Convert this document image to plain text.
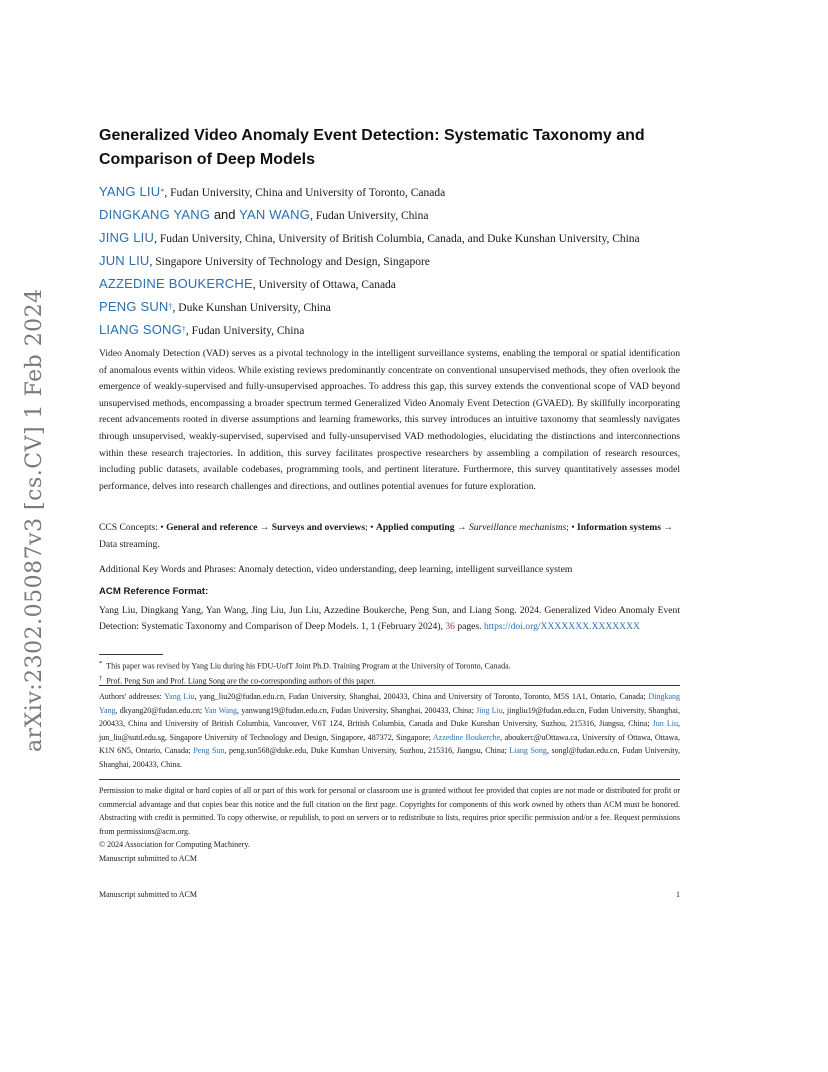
arXiv:2302.05087v3 [cs.CV] 1 Feb 2024
Generalized Video Anomaly Event Detection: Systematic Taxonomy and Comparison of Deep Models
YANG LIU*, Fudan University, China and University of Toronto, Canada
DINGKANG YANG and YAN WANG, Fudan University, China
JING LIU, Fudan University, China, University of British Columbia, Canada, and Duke Kunshan University, China
JUN LIU, Singapore University of Technology and Design, Singapore
AZZEDINE BOUKERCHE, University of Ottawa, Canada
PENG SUN†, Duke Kunshan University, China
LIANG SONG†, Fudan University, China
Video Anomaly Detection (VAD) serves as a pivotal technology in the intelligent surveillance systems, enabling the temporal or spatial identification of anomalous events within videos. While existing reviews predominantly concentrate on conventional unsupervised methods, they often overlook the emergence of weakly-supervised and fully-unsupervised approaches. To address this gap, this survey extends the conventional scope of VAD beyond unsupervised methods, encompassing a broader spectrum termed Generalized Video Anomaly Event Detection (GVAED). By skillfully incorporating recent advancements rooted in diverse assumptions and learning frameworks, this survey introduces an intuitive taxonomy that seamlessly navigates through unsupervised, weakly-supervised, supervised and fully-unsupervised VAD methodologies, elucidating the distinctions and interconnections within these research trajectories. In addition, this survey facilitates prospective researchers by assembling a compilation of research resources, including public datasets, available codebases, programming tools, and pertinent literature. Furthermore, this survey quantitatively assesses model performance, delves into research challenges and directions, and outlines potential avenues for future exploration.
CCS Concepts: • General and reference → Surveys and overviews; • Applied computing → Surveillance mechanisms; • Information systems → Data streaming.
Additional Key Words and Phrases: Anomaly detection, video understanding, deep learning, intelligent surveillance system
ACM Reference Format:
Yang Liu, Dingkang Yang, Yan Wang, Jing Liu, Jun Liu, Azzedine Boukerche, Peng Sun, and Liang Song. 2024. Generalized Video Anomaly Event Detection: Systematic Taxonomy and Comparison of Deep Models. 1, 1 (February 2024), 36 pages. https://doi.org/XXXXXXX.XXXXXXX
* This paper was revised by Yang Liu during his FDU-UofT Joint Ph.D. Training Program at the University of Toronto, Canada.
† Prof. Peng Sun and Prof. Liang Song are the co-corresponding authors of this paper.
Authors' addresses: Yang Liu, yang_liu20@fudan.edu.cn, Fudan University, Shanghai, 200433, China and University of Toronto, Toronto, M5S 1A1, Ontario, Canada; Dingkang Yang, dkyang20@fudan.edu.cn; Yan Wang, yanwang19@fudan.edu.cn, Fudan University, Shanghai, 200433, China; Jing Liu, jingliu19@fudan.edu.cn, Fudan University, Shanghai, 200433, China and University of British Columbia, Vancouver, V6T 1Z4, British Columbia, Canada and Duke Kunshan University, Suzhou, 215316, Jiangsu, China; Jun Liu, jun_liu@sutd.edu.sg, Singapore University of Technology and Design, Singapore, 487372, Singapore; Azzedine Boukerche, aboukerc@uOttawa.ca, University of Ottawa, Ottawa, K1N 6N5, Ontario, Canada; Peng Sun, peng.sun568@duke.edu, Duke Kunshan University, Suzhou, 215316, Jiangsu, China; Liang Song, songl@fudan.edu.cn, Fudan University, Shanghai, 200433, China.
Permission to make digital or hard copies of all or part of this work for personal or classroom use is granted without fee provided that copies are not made or distributed for profit or commercial advantage and that copies bear this notice and the full citation on the first page. Copyrights for components of this work owned by others than ACM must be honored. Abstracting with credit is permitted. To copy otherwise, or republish, to post on servers or to redistribute to lists, requires prior specific permission and/or a fee. Request permissions from permissions@acm.org.
© 2024 Association for Computing Machinery.
Manuscript submitted to ACM
Manuscript submitted to ACM	1
